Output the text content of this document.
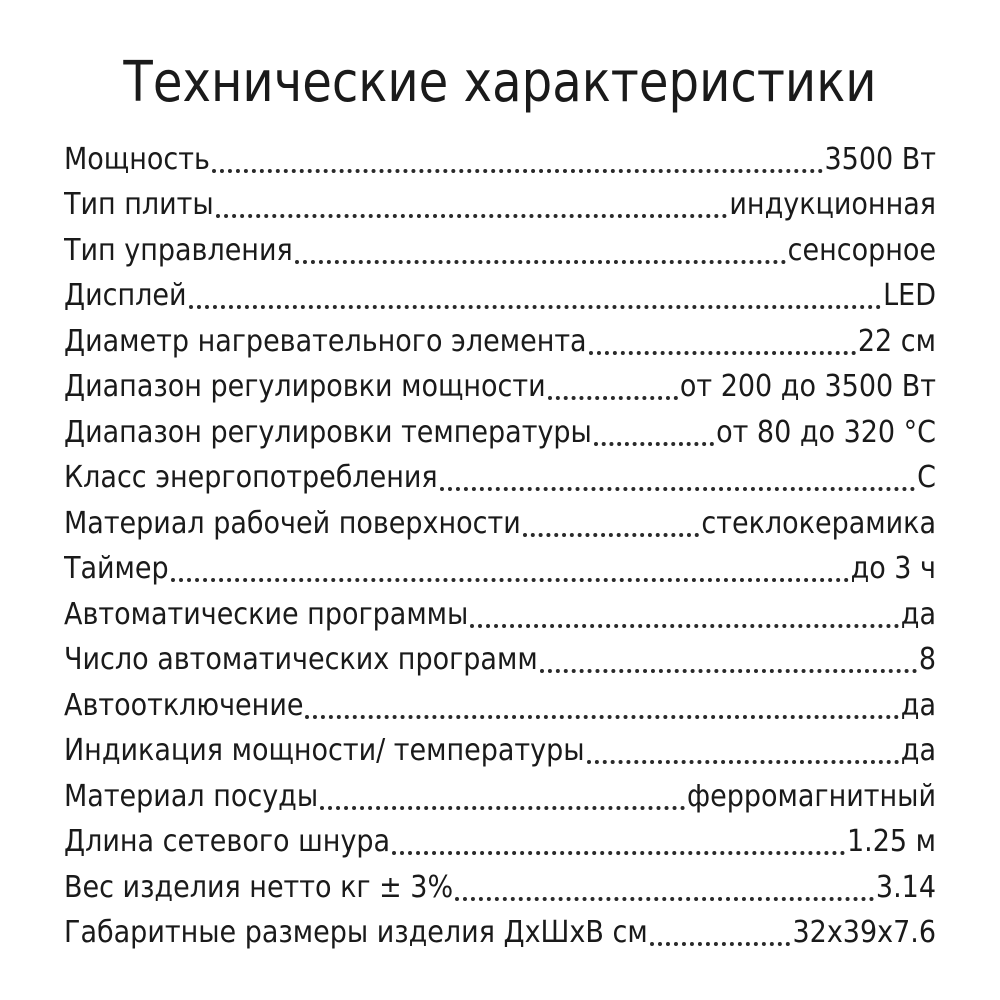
Технические характеристики
Мощность	3500 Вт
Тип плиты	индукционная
Тип управления	сенсорное
Дисплей	LED
Диаметр нагревательного элемента	22 см
Диапазон регулировки мощности	от 200 до 3500 Вт
Диапазон регулировки температуры	от 80 до 320 °С
Класс энергопотребления	С
Материал рабочей поверхности	стеклокерамика
Таймер	до 3 ч
Автоматические программы	да
Число автоматических программ	8
Автоотключение	да
Индикация мощности/ температуры	да
Материал посуды	ферромагнитный
Длина сетевого шнура	1.25 м
Вес изделия нетто кг ± 3%	3.14
Габаритные размеры изделия ДхШхВ см	32х39х7.6
